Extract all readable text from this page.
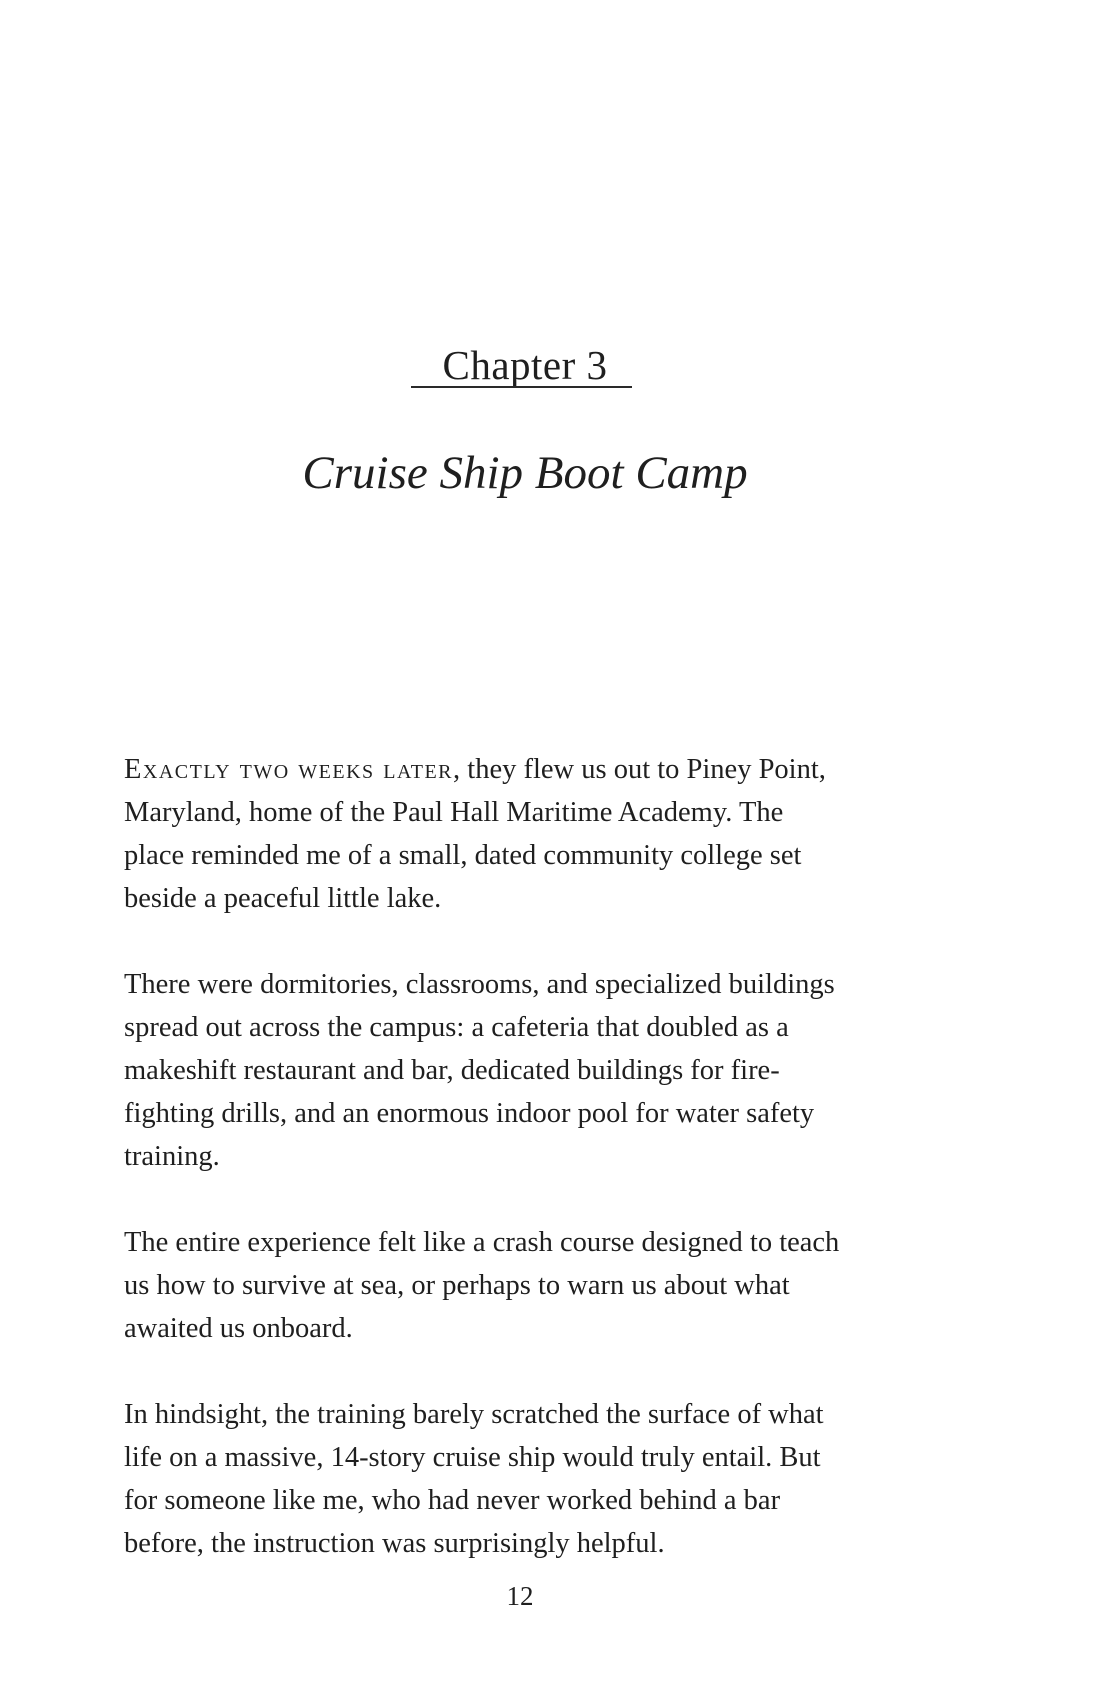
Chapter 3
Cruise Ship Boot Camp

Exactly two weeks later, they flew us out to Piney Point,
Maryland, home of the Paul Hall Maritime Academy. The
place reminded me of a small, dated community college set
beside a peaceful little lake.

There were dormitories, classrooms, and specialized buildings
spread out across the campus: a cafeteria that doubled as a
makeshift restaurant and bar, dedicated buildings for fire-
fighting drills, and an enormous indoor pool for water safety
training.

The entire experience felt like a crash course designed to teach
us how to survive at sea, or perhaps to warn us about what
awaited us onboard.

In hindsight, the training barely scratched the surface of what
life on a massive, 14-story cruise ship would truly entail. But
for someone like me, who had never worked behind a bar
before, the instruction was surprisingly helpful.

12
